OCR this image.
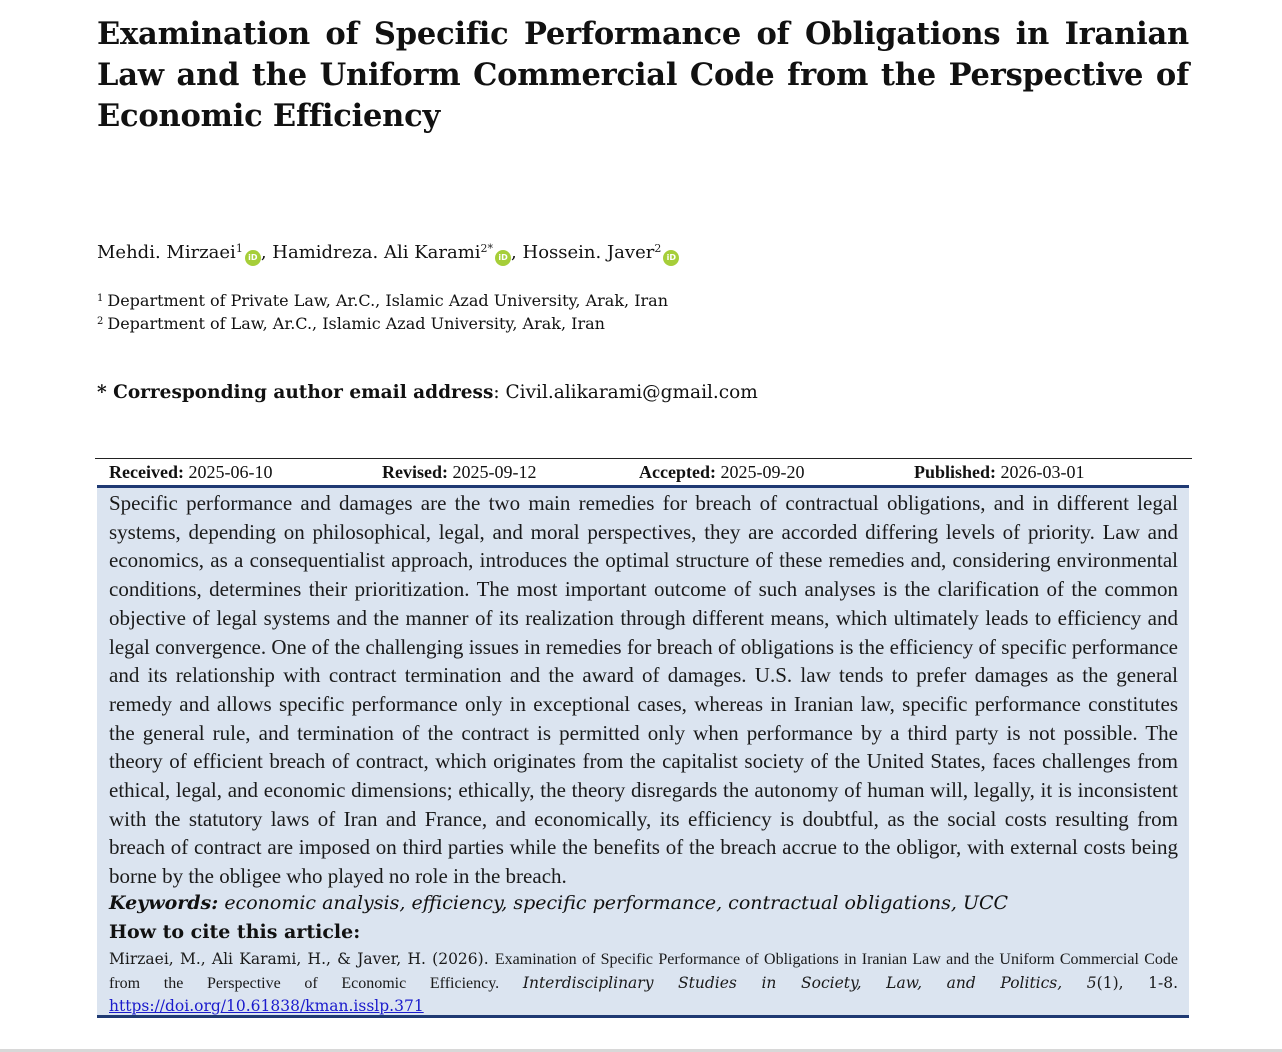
Examination of Specific Performance of Obligations in Iranian Law and the Uniform Commercial Code from the Perspective of Economic Efficiency
Mehdi. Mirzaei$^1$iD , Hamidreza. Ali Karami$^{2*}$iD , Hossein. Javer$^2$iD
$^1$ Department of Private Law, Ar.C., Islamic Azad University, Arak, Iran
$^2$ Department of Law, Ar.C., Islamic Azad University, Arak, Iran
* Corresponding author email address: Civil.alikarami@gmail.com
Received: 2025-06-10	Revised: 2025-09-12	Accepted: 2025-09-20	Published: 2026-03-01

Specific performance and damages are the two main remedies for breach of contractual obligations, and in different legal systems, depending on philosophical, legal, and moral perspectives, they are accorded differing levels of priority. Law and economics, as a consequentialist approach, introduces the optimal structure of these remedies and, considering environmental conditions, determines their prioritization. The most important outcome of such analyses is the clarification of the common objective of legal systems and the manner of its realization through different means, which ultimately leads to efficiency and legal convergence. One of the challenging issues in remedies for breach of obligations is the efficiency of specific performance and its relationship with contract termination and the award of damages. U.S. law tends to prefer damages as the general remedy and allows specific performance only in exceptional cases, whereas in Iranian law, specific performance constitutes the general rule, and termination of the contract is permitted only when performance by a third party is not possible. The theory of efficient breach of contract, which originates from the capitalist society of the United States, faces challenges from ethical, legal, and economic dimensions; ethically, the theory disregards the autonomy of human will, legally, it is inconsistent with the statutory laws of Iran and France, and economically, its efficiency is doubtful, as the social costs resulting from breach of contract are imposed on third parties while the benefits of the breach accrue to the obligor, with external costs being borne by the obligee who played no role in the breach.

Keywords: economic analysis, efficiency, specific performance, contractual obligations, UCC
How to cite this article:

Mirzaei, M., Ali Karami, H., & Javer, H. (2026). Examination of Specific Performance of Obligations in Iranian Law and the Uniform Commercial Code from the Perspective of Economic Efficiency. Interdisciplinary Studies in Society, Law, and Politics, 5(1), 1-8. https://doi.org/10.61838/kman.isslp.371
